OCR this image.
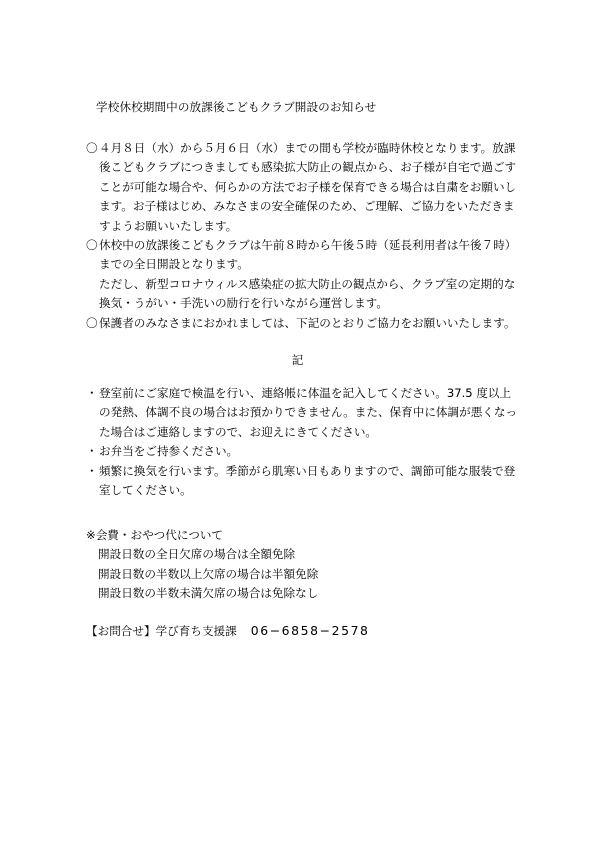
学校休校期間中の放課後こどもクラブ開設のお知らせ
〇 ４月８日（水）から５月６日（水）までの間も学校が臨時休校となります。放課後こどもクラブにつきましても感染拡大防止の観点から、お子様が自宅で過ごすことが可能な場合や、何らかの方法でお子様を保育できる場合は自粛をお願いします。お子様はじめ、みなさまの安全確保のため、ご理解、ご協力をいただきますようお願いいたします。
〇 休校中の放課後こどもクラブは午前８時から午後５時（延長利用者は午後７時）までの全日開設となります。
ただし、新型コロナウィルス感染症の拡大防止の観点から、クラブ室の定期的な換気・うがい・手洗いの励行を行いながら運営します。
〇 保護者のみなさまにおかれましては、下記のとおりご協力をお願いいたします。
記
・ 登室前にご家庭で検温を行い、連絡帳に体温を記入してください。37.5 度以上の発熱、体調不良の場合はお預かりできません。また、保育中に体調が悪くなった場合はご連絡しますので、お迎えにきてください。
・ お弁当をご持参ください。
・ 頻繁に換気を行います。季節がら肌寒い日もありますので、調節可能な服装で登室してください。
※会費・おやつ代について
開設日数の全日欠席の場合は全額免除
開設日数の半数以上欠席の場合は半額免除
開設日数の半数未満欠席の場合は免除なし
【お問合せ】学び育ち支援課 06−6858−2578
